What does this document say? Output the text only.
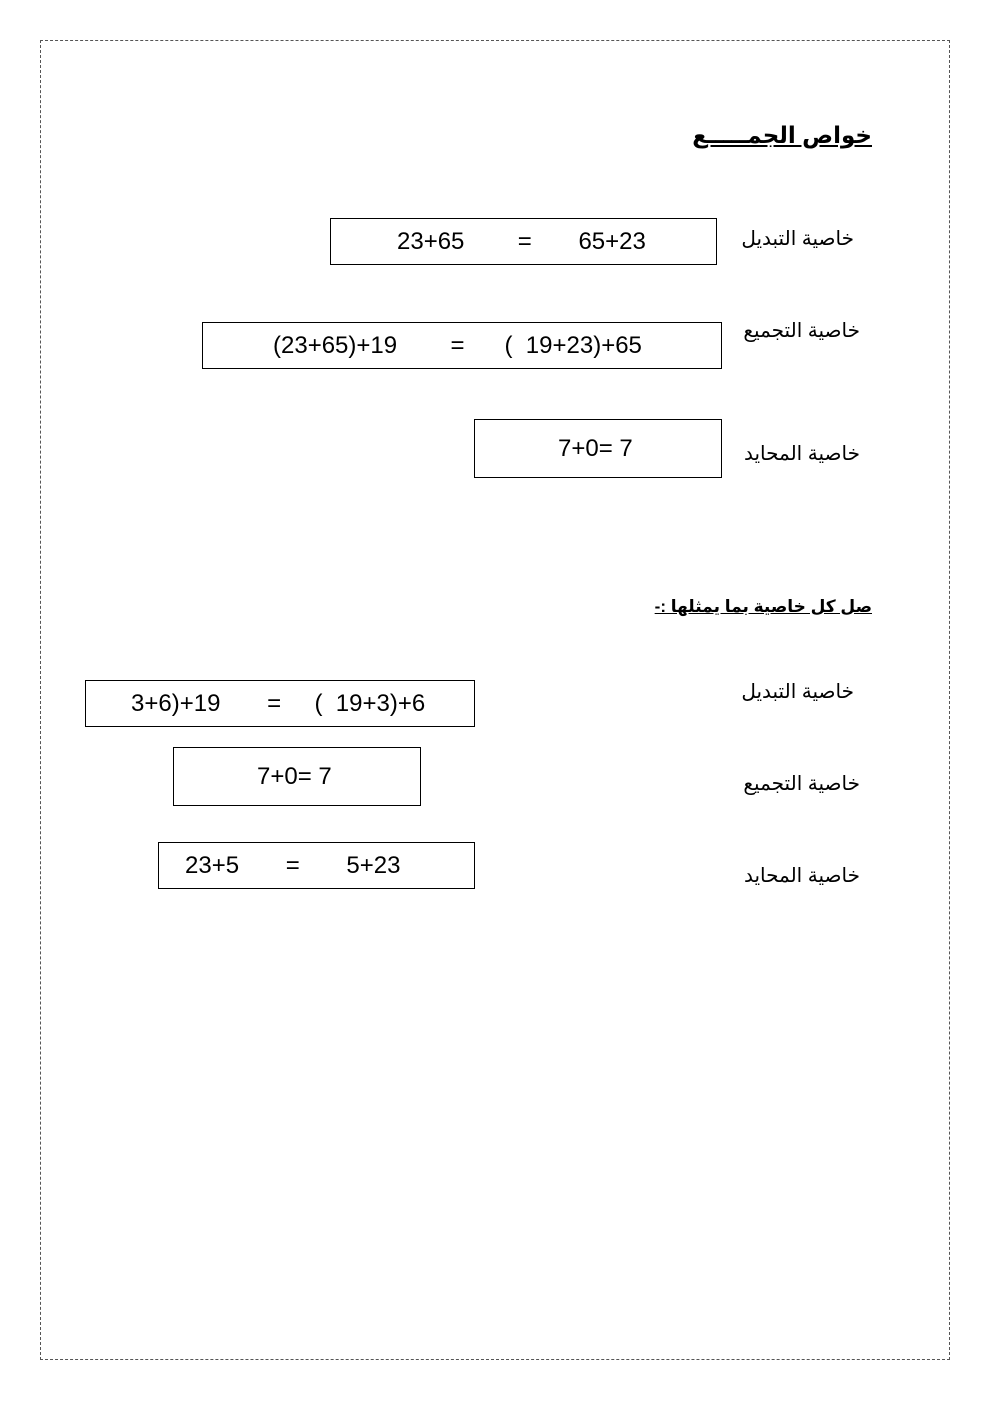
خواص الجمـــــع
خاصية التبديل

23+65        =       65+23

خاصية التجميع

(23+65)+19        =      (  19+23)+65

خاصية المحايد

7+0= 7

صل كل خاصية بما يمثلها :-
خاصية التبديل
خاصية التجميع
خاصية المحايد

3+6)+19       =     (  19+3)+6

7+0= 7

23+5       =       5+23
